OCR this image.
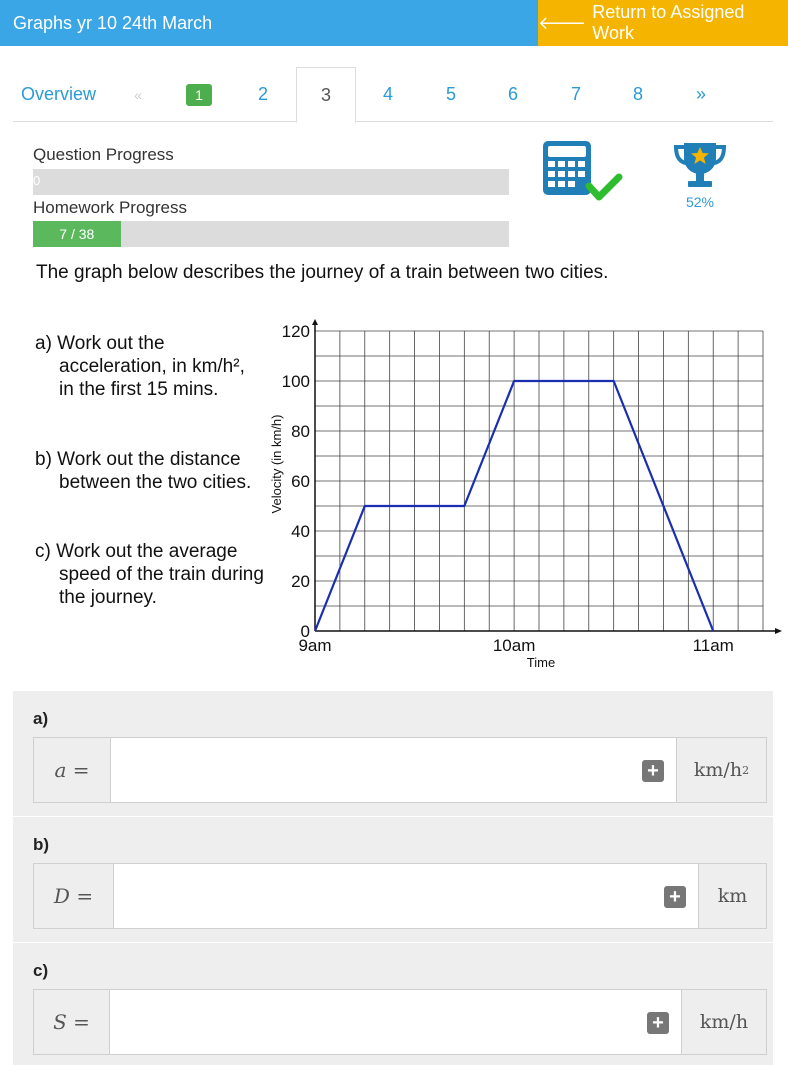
Graphs yr 10 24th March	🡐
Return to Assigned Work
Overview	«	1	2	3	4	5	6	7	8	»
Question Progress
0
Homework Progress
7 / 38
52%
The graph below describes the journey of a train between two cities.
a) Work out the
acceleration, in km/h²,
in the first 15 mins.
b) Work out the distance
between the two cities.
c) Work out the average
speed of the train during
the journey.
0
20
40
60
80
100
120
9am	10am	11am
Time
Velocity (in km/h)
a)
a =	+ km/h 2
b)
D =	+ km
c)
S =	+ km/h
